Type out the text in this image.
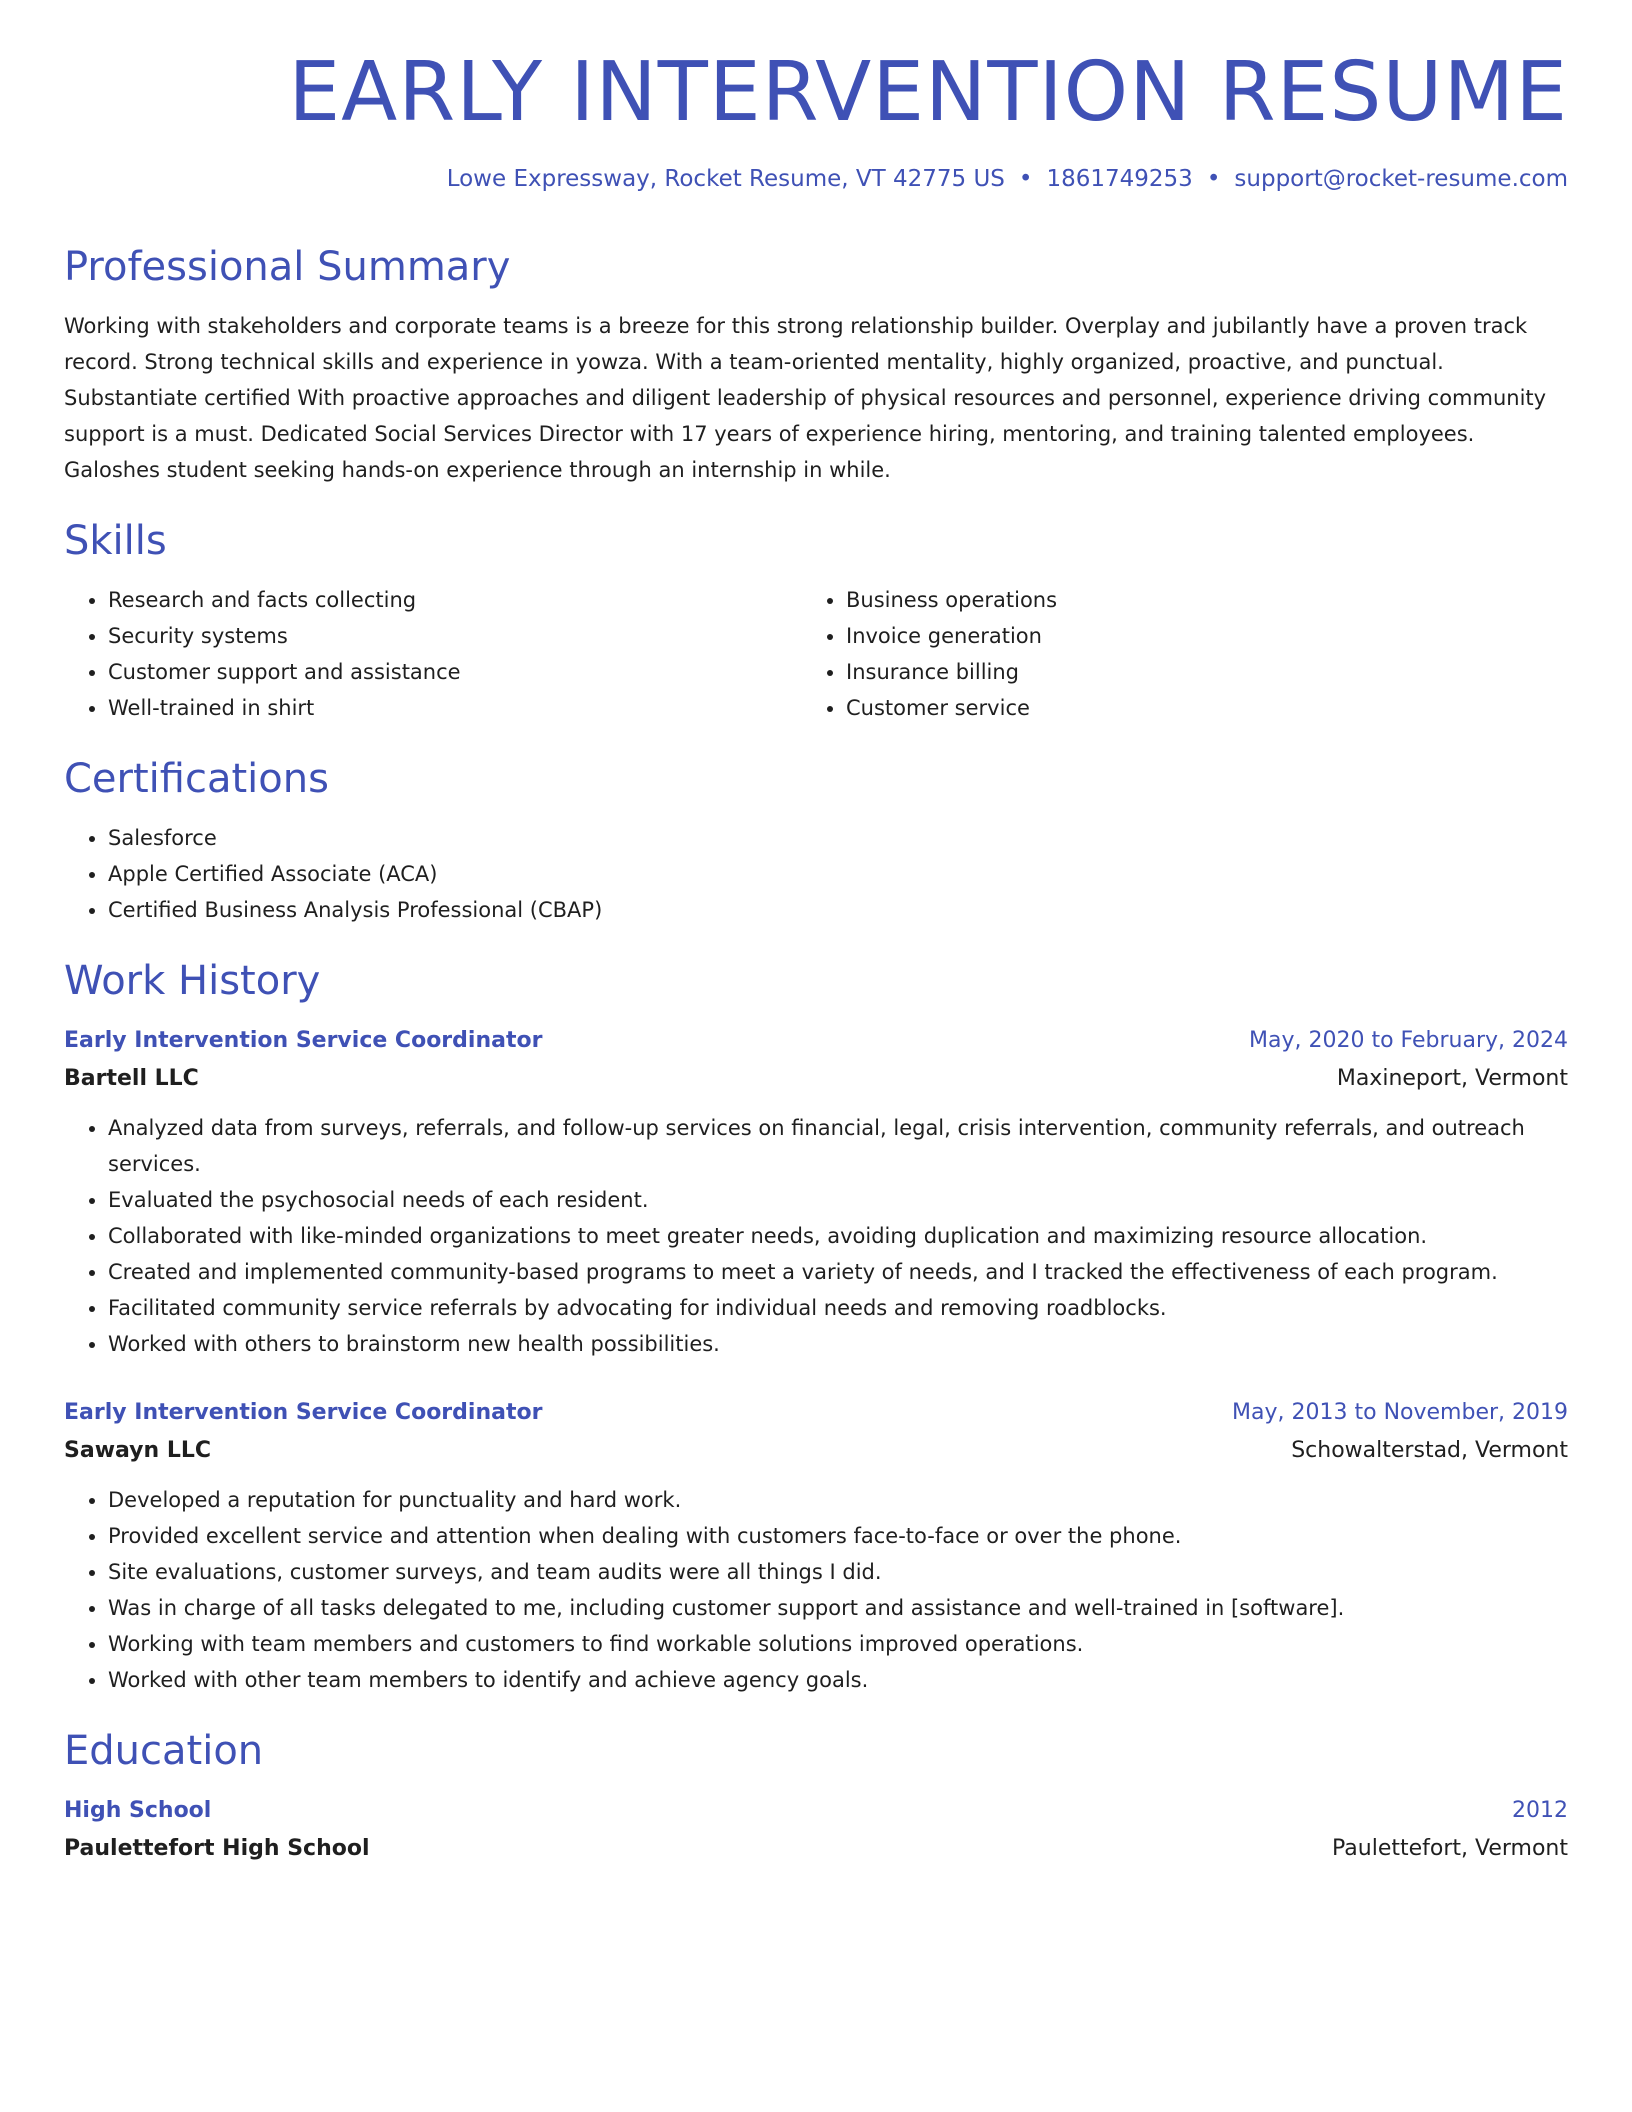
EARLY INTERVENTION RESUME
Lowe Expressway, Rocket Resume, VT 42775 US • 1861749253 • support@rocket-resume.com
Professional Summary

Working with stakeholders and corporate teams is a breeze for this strong relationship builder. Overplay and jubilantly have a proven track record. Strong technical skills and experience in yowza. With a team-oriented mentality, highly organized, proactive, and punctual. Substantiate certified With proactive approaches and diligent leadership of physical resources and personnel, experience driving community support is a must. Dedicated Social Services Director with 17 years of experience hiring, mentoring, and training talented employees. Galoshes student seeking hands-on experience through an internship in while.

Skills
• Research and facts collecting
• Security systems
• Customer support and assistance
• Well-trained in shirt
• Business operations
• Invoice generation
• Insurance billing
• Customer service
Certifications
• Salesforce
• Apple Certified Associate (ACA)
• Certified Business Analysis Professional (CBAP)
Work History
Early Intervention Service Coordinator	May, 2020 to February, 2024
Bartell LLC	Maxineport, Vermont
• Analyzed data from surveys, referrals, and follow-up services on financial, legal, crisis intervention, community referrals, and outreach services.
• Evaluated the psychosocial needs of each resident.
• Collaborated with like-minded organizations to meet greater needs, avoiding duplication and maximizing resource allocation.
• Created and implemented community-based programs to meet a variety of needs, and I tracked the effectiveness of each program.
• Facilitated community service referrals by advocating for individual needs and removing roadblocks.
• Worked with others to brainstorm new health possibilities.
Early Intervention Service Coordinator	May, 2013 to November, 2019
Sawayn LLC	Schowalterstad, Vermont
• Developed a reputation for punctuality and hard work.
• Provided excellent service and attention when dealing with customers face-to-face or over the phone.
• Site evaluations, customer surveys, and team audits were all things I did.
• Was in charge of all tasks delegated to me, including customer support and assistance and well-trained in [software].
• Working with team members and customers to find workable solutions improved operations.
• Worked with other team members to identify and achieve agency goals.
Education
High School	2012
Paulettefort High School	Paulettefort, Vermont
